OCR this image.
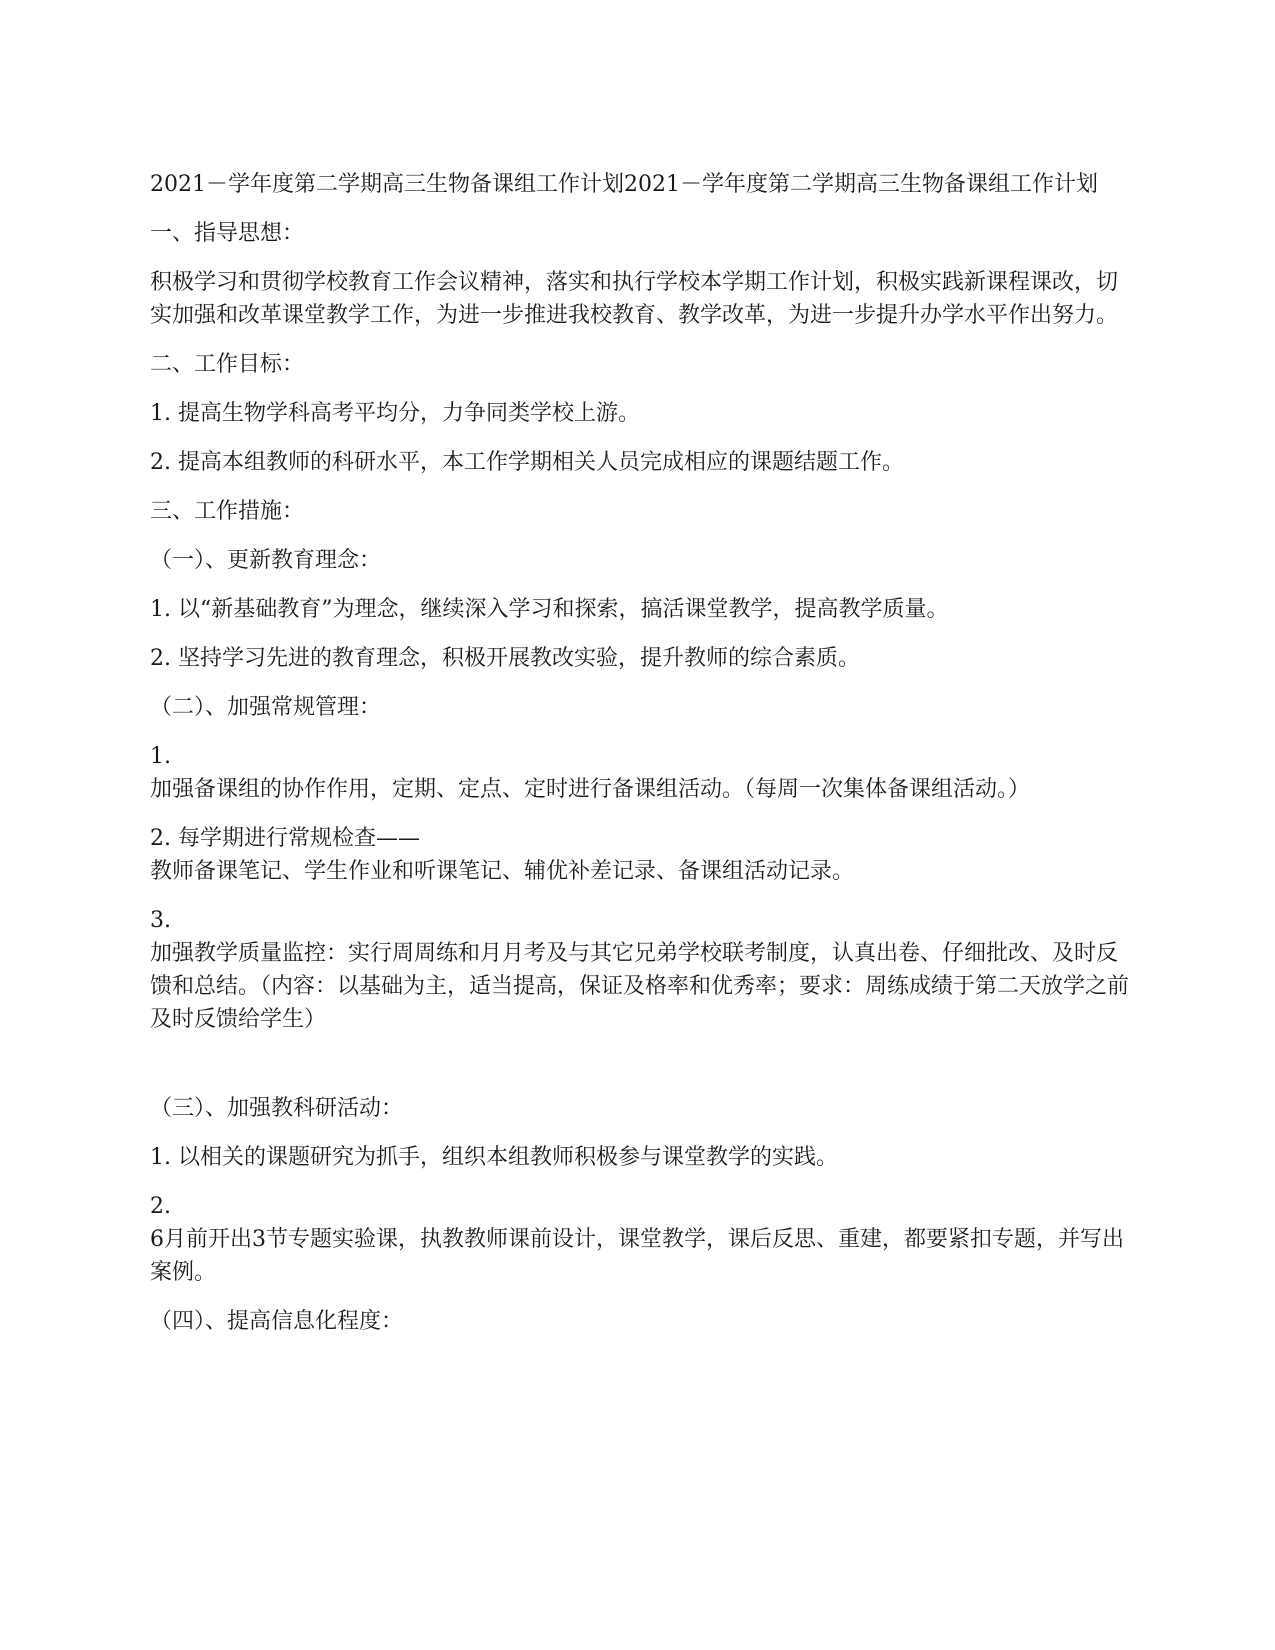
2021－学年度第二学期高三生物备课组工作计划2021－学年度第二学期高三生物备课组工作计划

一、指导思想：

积极学习和贯彻学校教育工作会议精神，落实和执行学校本学期工作计划，积极实践新课程课改，切实加强和改革课堂教学工作，为进一步推进我校教育、教学改革，为进一步提升办学水平作出努力。

二、工作目标：

1. 提高生物学科高考平均分，力争同类学校上游。

2. 提高本组教师的科研水平，本工作学期相关人员完成相应的课题结题工作。

三、工作措施：

（一）、更新教育理念：

1. 以“新基础教育”为理念，继续深入学习和探索，搞活课堂教学，提高教学质量。

2. 坚持学习先进的教育理念，积极开展教改实验，提升教师的综合素质。

（二）、加强常规管理：

1.
加强备课组的协作作用，定期、定点、定时进行备课组活动。（每周一次集体备课组活动。）

2. 每学期进行常规检查——
教师备课笔记、学生作业和听课笔记、辅优补差记录、备课组活动记录。

3.
加强教学质量监控：实行周周练和月月考及与其它兄弟学校联考制度，认真出卷、仔细批改、及时反馈和总结。（内容：以基础为主，适当提高，保证及格率和优秀率；要求：周练成绩于第二天放学之前及时反馈给学生）

（三）、加强教科研活动：

1. 以相关的课题研究为抓手，组织本组教师积极参与课堂教学的实践。

2.
6月前开出3节专题实验课，执教教师课前设计，课堂教学，课后反思、重建，都要紧扣专题，并写出案例。

（四）、提高信息化程度：
